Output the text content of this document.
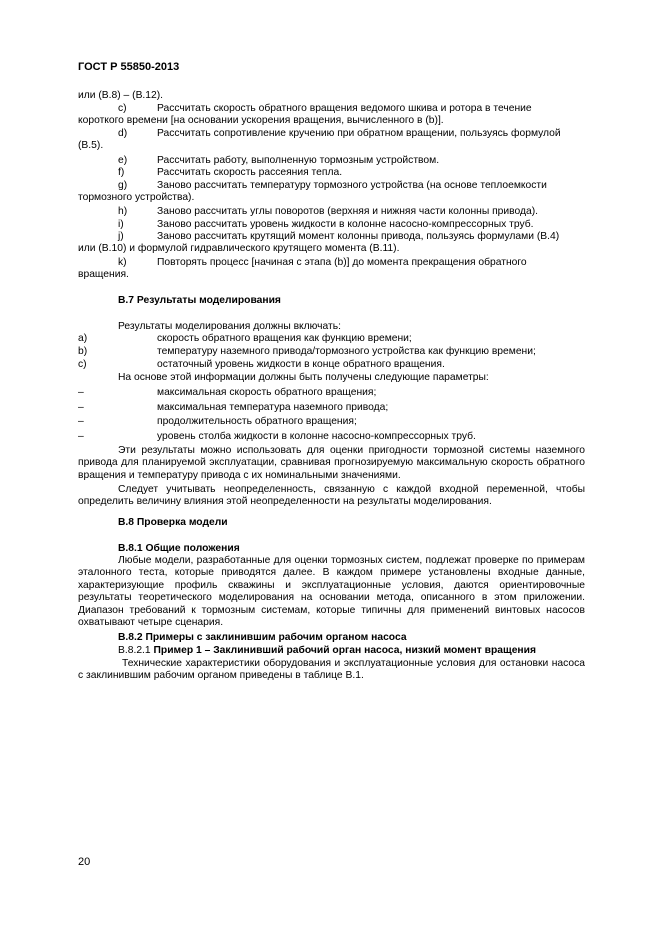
ГОСТ Р 55850-2013
или (В.8) – (В.12).
c)	Рассчитать скорость обратного вращения ведомого шкива и ротора в течение
короткого времени [на основании ускорения вращения, вычисленного в (b)].
d)	Рассчитать сопротивление кручению при обратном вращении, пользуясь формулой
(В.5).
e)	Рассчитать работу, выполненную тормозным устройством.
f)	Рассчитать скорость рассеяния тепла.
g)	Заново рассчитать температуру тормозного устройства (на основе теплоемкости
тормозного устройства).
h)	Заново рассчитать углы поворотов (верхняя и нижняя части колонны привода).
i)	Заново рассчитать уровень жидкости в колонне насосно-компрессорных труб.
j)	Заново рассчитать крутящий момент колонны привода, пользуясь формулами (В.4)
или (В.10) и формулой гидравлического крутящего момента (В.11).
k)	Повторять процесс [начиная с этапа (b)] до момента прекращения обратного
вращения.
В.7 Результаты моделирования
Результаты моделирования должны включать:
a)	скорость обратного вращения как функцию времени;
b)	температуру наземного привода/тормозного устройства как функцию времени;
c)	остаточный уровень жидкости в конце обратного вращения.
На основе этой информации должны быть получены следующие параметры:
–	максимальная скорость обратного вращения;
–	максимальная температура наземного привода;
–	продолжительность обратного вращения;
–	уровень столба жидкости в колонне насосно-компрессорных труб.
Эти результаты можно использовать для оценки пригодности тормозной системы наземного привода для планируемой эксплуатации, сравнивая прогнозируемую максимальную скорость обратного вращения и температуру привода с их номинальными значениями.
Следует учитывать неопределенность, связанную с каждой входной переменной, чтобы определить величину влияния этой неопределенности на результаты моделирования.
В.8 Проверка модели
В.8.1 Общие положения
Любые модели, разработанные для оценки тормозных систем, подлежат проверке по примерам эталонного теста, которые приводятся далее. В каждом примере установлены входные данные, характеризующие профиль скважины и эксплуатационные условия, даются ориентировочные результаты теоретического моделирования на основании метода, описанного в этом приложении. Диапазон требований к тормозным системам, которые типичны для применений винтовых насосов охватывают четыре сценария.
В.8.2 Примеры с заклинившим рабочим органом насоса
В.8.2.1 Пример 1 – Заклинивший рабочий орган насоса, низкий момент вращения
Технические характеристики оборудования и эксплуатационные условия для остановки насоса с заклинившим рабочим органом приведены в таблице В.1.
20
